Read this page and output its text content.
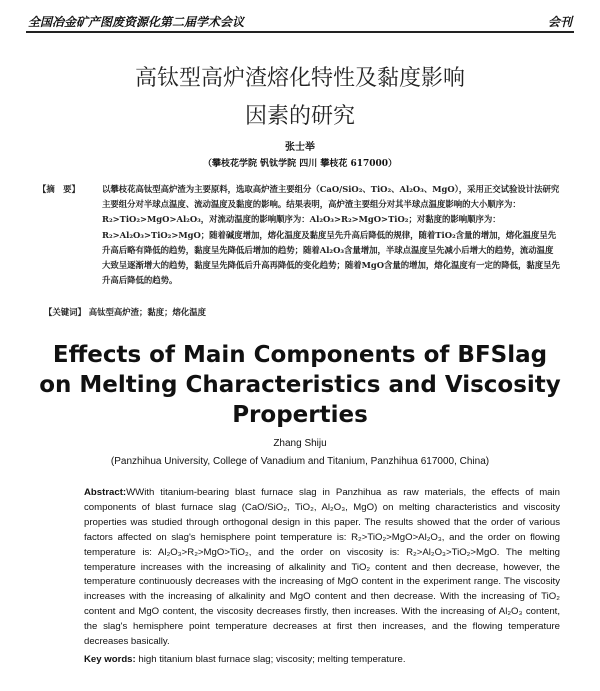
全国冶金矿产图废资源化第二届学术会议	会刊
高钛型高炉渣熔化特性及黏度影响
因素的研究
张士举
（攀枝花学院 钒钛学院 四川 攀枝花 617000）
【摘　要】	以攀枝花高钛型高炉渣为主要原料，选取高炉渣主要组分（CaO/SiO₂、TiO₂、Al₂O₃、MgO），采用正交试验设计法研究主要组分对半球点温度、流动温度及黏度的影响。结果表明，高炉渣主要组分对其半球点温度影响的大小顺序为：R₂>TiO₂>MgO>Al₂O₃，对流动温度的影响顺序为：Al₂O₃>R₂>MgO>TiO₂；对黏度的影响顺序为：R₂>Al₂O₃>TiO₂>MgO；随着碱度增加，熔化温度及黏度呈先升高后降低的规律，随着TiO₂含量的增加，熔化温度呈先升高后略有降低的趋势，黏度呈先降低后增加的趋势；随着Al₂O₃含量增加，半球点温度呈先减小后增大的趋势，流动温度大致呈逐渐增大的趋势，黏度呈先降低后升高再降低的变化趋势；随着MgO含量的增加，熔化温度有一定的降低，黏度呈先升高后降低的趋势。
【关键词】 高钛型高炉渣；黏度；熔化温度
Effects of Main Components of BFSlag
on Melting Characteristics and Viscosity
Properties
Zhang Shiju
(Panzhihua University, College of Vanadium and Titanium, Panzhihua 617000, China)
Abstract:WWith titanium-bearing blast furnace slag in Panzhihua as raw materials, the effects of main components of blast furnace slag (CaO/SiO₂, TiO₂, Al₂O₃, MgO) on melting characteristics and viscosity properties was studied through orthogonal design in this paper. The results showed that the order of various factors affected on slag's hemisphere point temperature is: R₂>TiO₂>MgO>Al₂O₃, and the order on flowing temperature is: Al₂O₃>R₂>MgO>TiO₂, and the order on viscosity is: R₂>Al₂O₃>TiO₂>MgO. The melting temperature increases with the increasing of alkalinity and TiO₂ content and then decrease, however, the temperature continuously decreases with the increasing of MgO content in the experiment range. The viscosity increases with the increasing of alkalinity and MgO content and then decrease. With the increasing of TiO₂ content and MgO content, the viscosity decreases firstly, then increases. With the increasing of Al₂O₃ content, the slag's hemisphere point temperature decreases at first then increases, and the flowing temperature decreases basically.
Key words: high titanium blast furnace slag; viscosity; melting temperature.
